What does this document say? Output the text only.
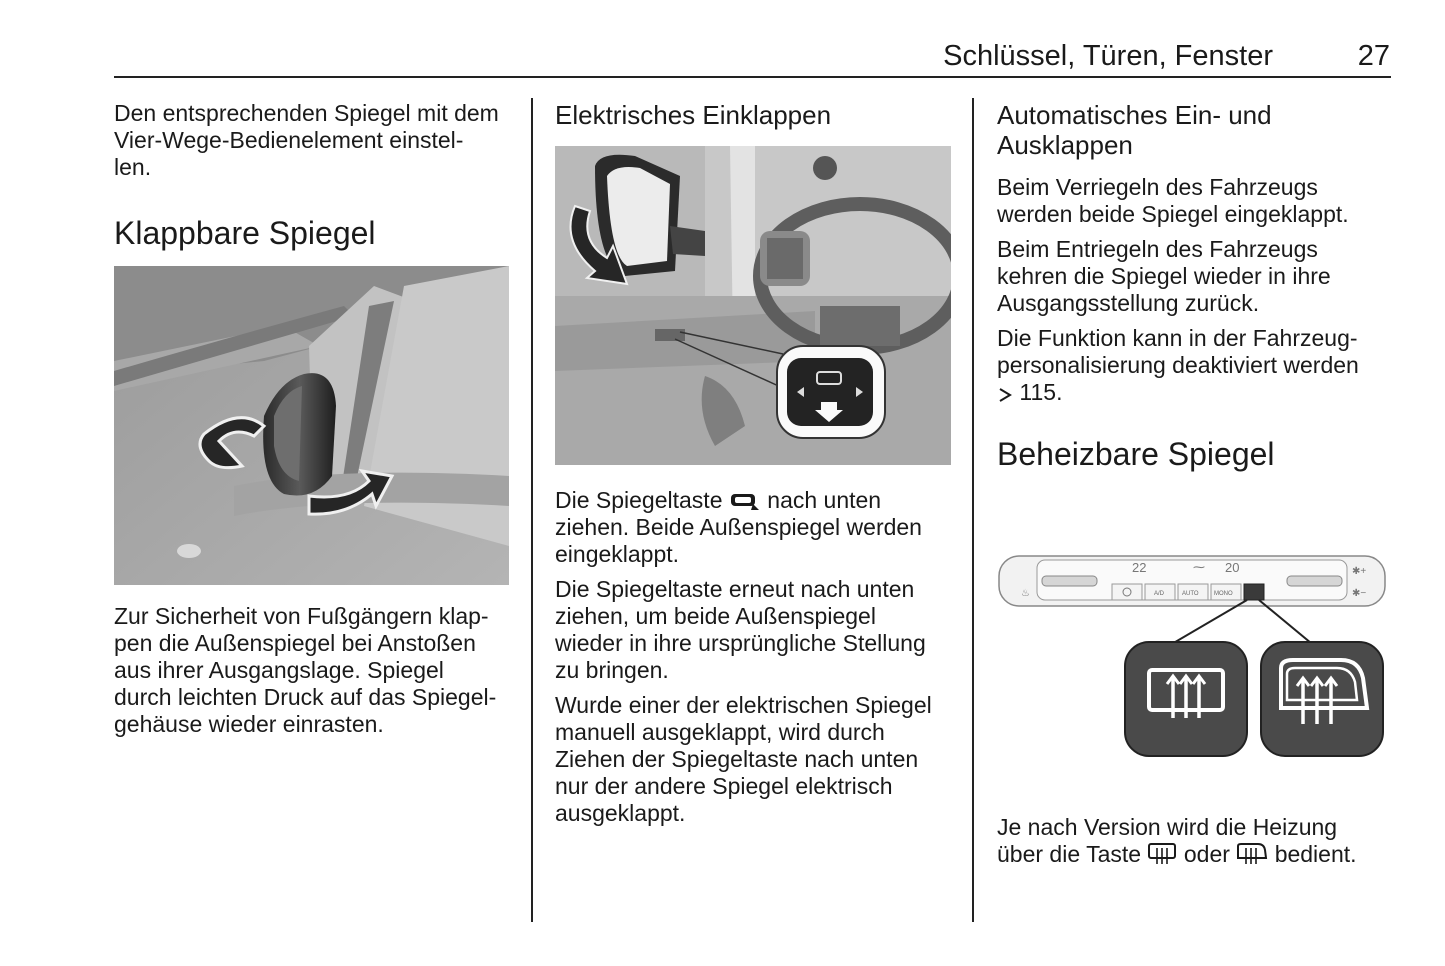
Schlüssel, Türen, Fenster	27

Den entsprechenden Spiegel mit dem
Vier-Wege-Bedienelement einstel-
len.

Klappbare Spiegel

Zur Sicherheit von Fußgängern klap-
pen die Außenspiegel bei Anstoßen
aus ihrer Ausgangslage. Spiegel
durch leichten Druck auf das Spiegel-
gehäuse wieder einrasten.

Elektrisches Einklappen

Die Spiegeltaste nach unten
ziehen. Beide Außenspiegel werden
eingeklappt.

Die Spiegeltaste erneut nach unten
ziehen, um beide Außenspiegel
wieder in ihre ursprüngliche Stellung
zu bringen.

Wurde einer der elektrischen Spiegel
manuell ausgeklappt, wird durch
Ziehen der Spiegeltaste nach unten
nur der andere Spiegel elektrisch
ausgeklappt.

Automatisches Ein- und
Ausklappen

Beim Verriegeln des Fahrzeugs
werden beide Spiegel eingeklappt.

Beim Entriegeln des Fahrzeugs
kehren die Spiegel wieder in ihre
Ausgangsstellung zurück.

Die Funktion kann in der Fahrzeug-
personalisierung deaktiviert werden

115.

Beheizbare Spiegel
22	20
⁓
A/D	AUTO	MONO
✱+
✱−
♨

Je nach Version wird die Heizung
über die Taste oder bedient.
